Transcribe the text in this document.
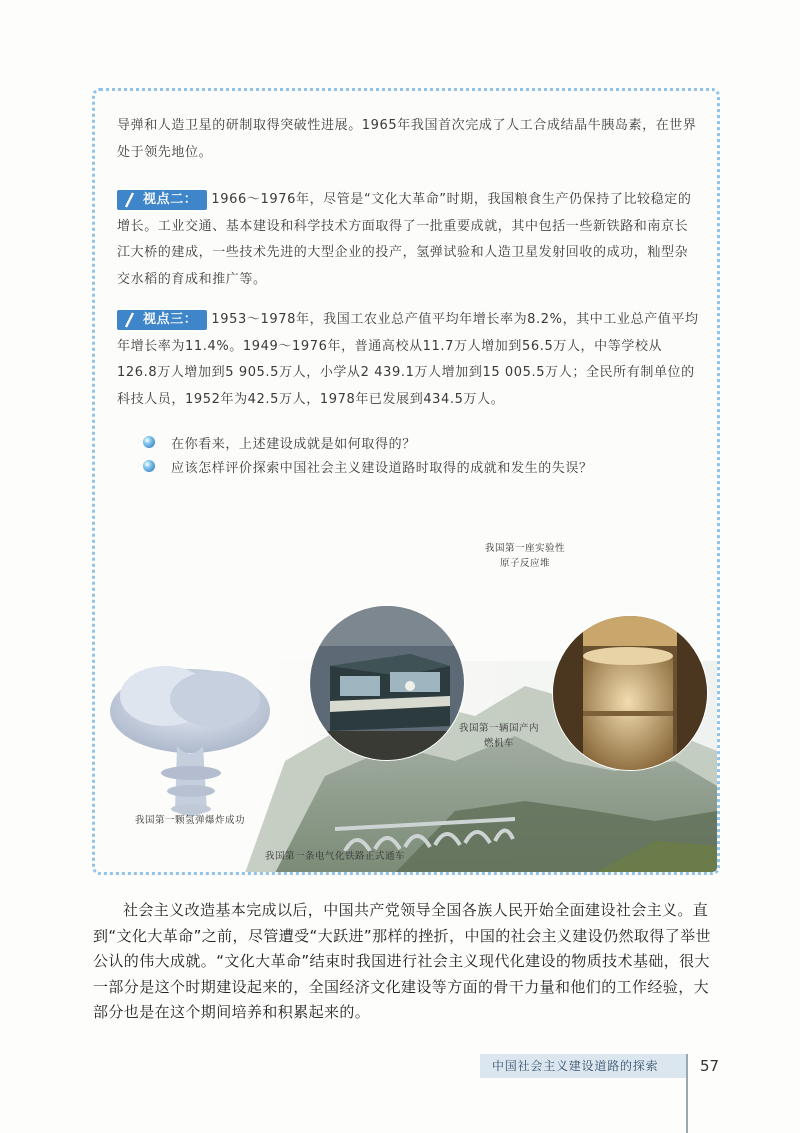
导弹和人造卫星的研制取得突破性进展。1965年我国首次完成了人工合成结晶牛胰岛素，在世界处于领先地位。

视点二： 1966～1976年，尽管是“文化大革命”时期，我国粮食生产仍保持了比较稳定的增长。工业交通、基本建设和科学技术方面取得了一批重要成就，其中包括一些新铁路和南京长江大桥的建成，一些技术先进的大型企业的投产，氢弹试验和人造卫星发射回收的成功，籼型杂交水稻的育成和推广等。

视点三： 1953～1978年，我国工农业总产值平均年增长率为8.2%，其中工业总产值平均年增长率为11.4%。1949～1976年，普通高校从11.7万人增加到56.5万人，中等学校从126.8万人增加到5 905.5万人，小学从2 439.1万人增加到15 005.5万人；全民所有制单位的科技人员，1952年为42.5万人，1978年已发展到434.5万人。

在你看来，上述建设成就是如何取得的？
应该怎样评价探索中国社会主义建设道路时取得的成就和发生的失误？
我国第一座实验性原子反应堆
我国第一辆国产内燃机车
我国第一颗氢弹爆炸成功
我国第一条电气化铁路正式通车

社会主义改造基本完成以后，中国共产党领导全国各族人民开始全面建设社会主义。直到“文化大革命”之前，尽管遭受“大跃进”那样的挫折，中国的社会主义建设仍然取得了举世公认的伟大成就。“文化大革命”结束时我国进行社会主义现代化建设的物质技术基础，很大一部分是这个时期建设起来的，全国经济文化建设等方面的骨干力量和他们的工作经验，大部分也是在这个期间培养和积累起来的。

中国社会主义建设道路的探索	57
